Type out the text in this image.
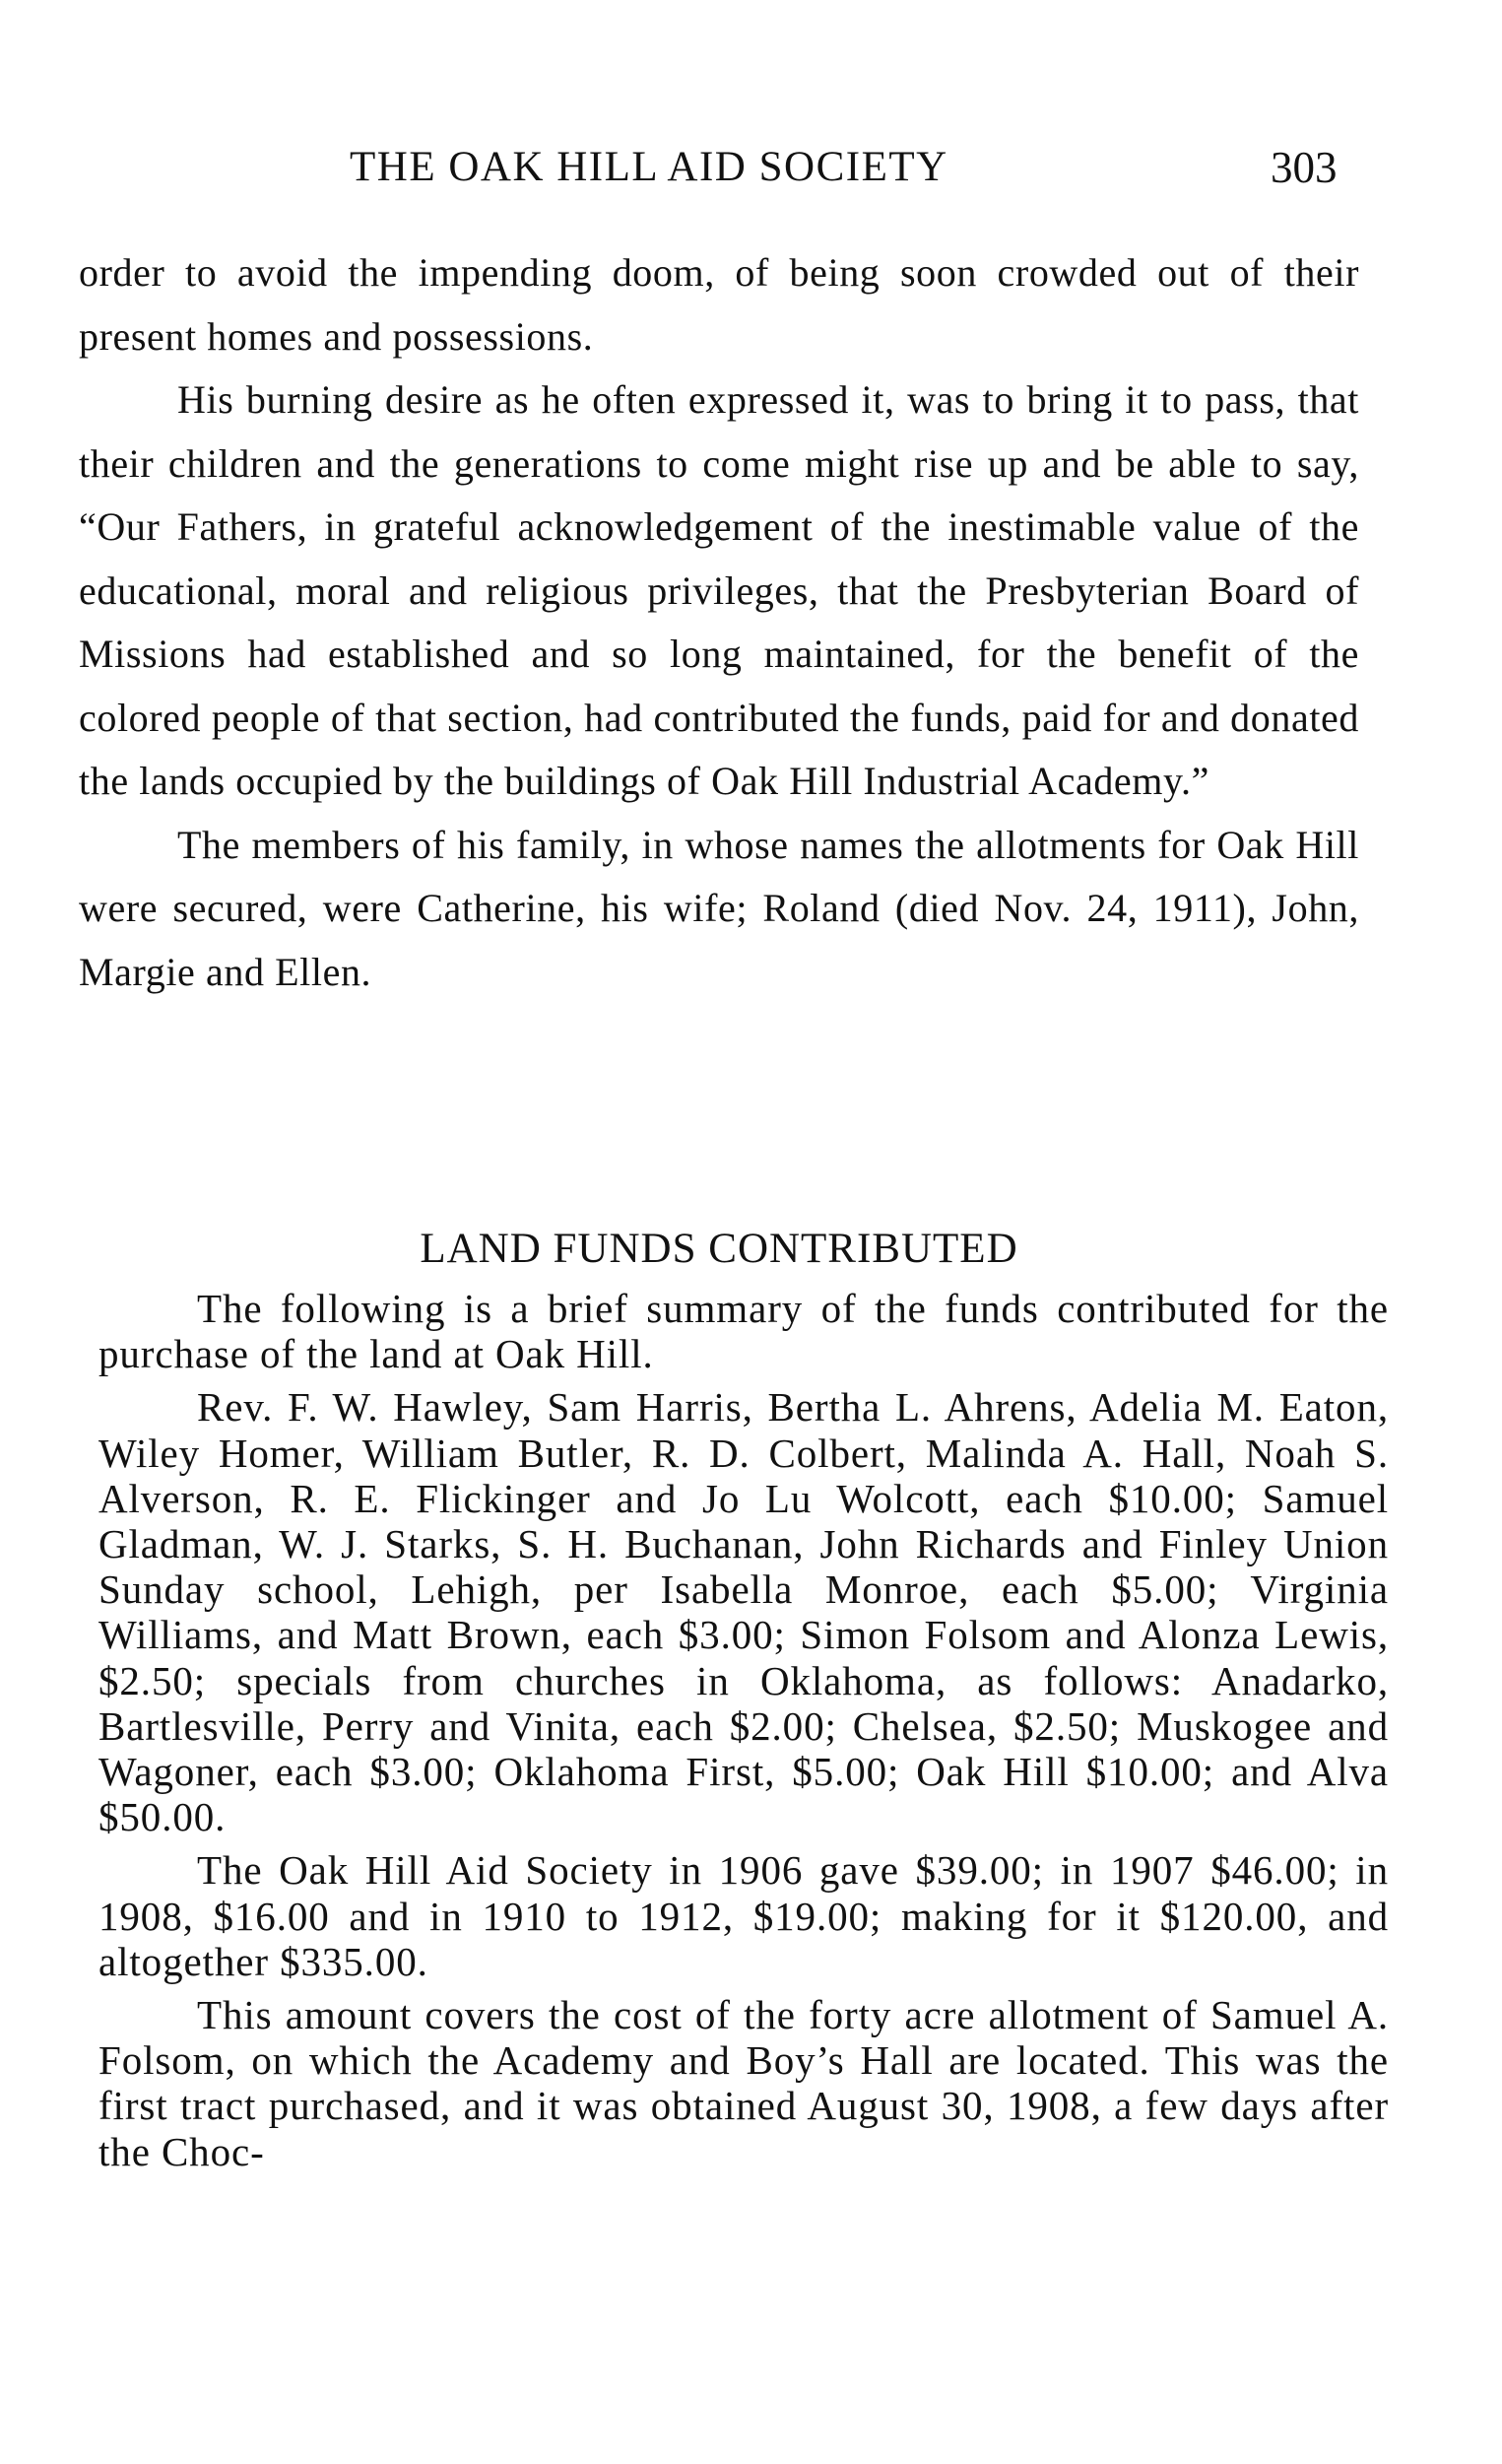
THE OAK HILL AID SOCIETY	303

order to avoid the impending doom, of being soon crowded out of their present homes and possessions.

His burning desire as he often expressed it, was to bring it to pass, that their children and the generations to come might rise up and be able to say, “Our Fathers, in grateful acknowledgement of the inestimable value of the educational, moral and religious privileges, that the Presbyterian Board of Missions had established and so long maintained, for the benefit of the colored people of that section, had contributed the funds, paid for and donated the lands occupied by the buildings of Oak Hill Industrial Academy.”

The members of his family, in whose names the allotments for Oak Hill were secured, were Catherine, his wife; Roland (died Nov. 24, 1911), John, Margie and Ellen.

LAND FUNDS CONTRIBUTED

The following is a brief summary of the funds contributed for the purchase of the land at Oak Hill.

Rev. F. W. Hawley, Sam Harris, Bertha L. Ahrens, Adelia M. Eaton, Wiley Homer, William Butler, R. D. Colbert, Malinda A. Hall, Noah S. Alverson, R. E. Flickinger and Jo Lu Wolcott, each $10.00; Samuel Gladman, W. J. Starks, S. H. Buchanan, John Richards and Finley Union Sunday school, Lehigh, per Isabella Monroe, each $5.00; Virginia Williams, and Matt Brown, each $3.00; Simon Folsom and Alonza Lewis, $2.50; specials from churches in Oklahoma, as follows: Anadarko, Bartlesville, Perry and Vinita, each $2.00; Chelsea, $2.50; Muskogee and Wagoner, each $3.00; Oklahoma First, $5.00; Oak Hill $10.00; and Alva $50.00.

The Oak Hill Aid Society in 1906 gave $39.00; in 1907 $46.00; in 1908, $16.00 and in 1910 to 1912, $19.00; making for it $120.00, and altogether $335.00.

This amount covers the cost of the forty acre allotment of Samuel A. Folsom, on which the Academy and Boy’s Hall are located. This was the first tract purchased, and it was obtained August 30, 1908, a few days after the Choc-
